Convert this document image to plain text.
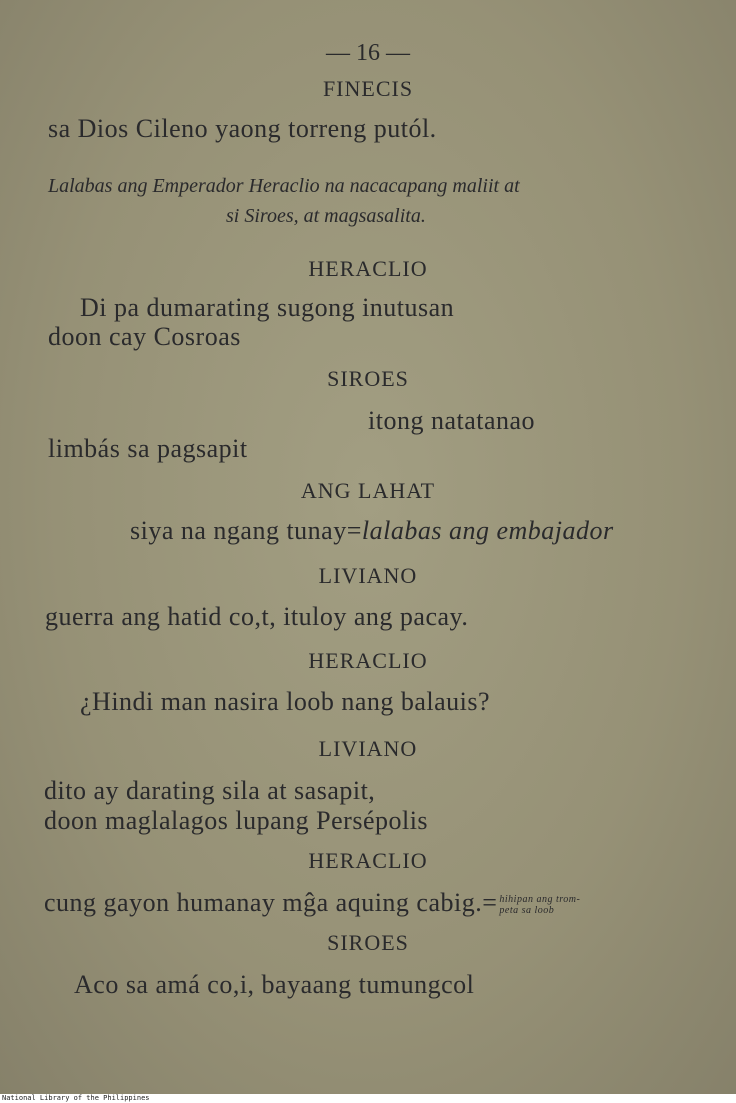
— 16 —
FINECIS
sa Dios Cileno yaong torreng putól.
Lalabas ang Emperador Heraclio na nacacapang maliit at
si Siroes, at magsasalita.
HERACLIO
Di pa dumarating sugong inutusan
doon cay Cosroas
SIROES
itong natatanao
limbás sa pagsapit
ANG LAHAT
siya na ngang tunay=lalabas ang embajador
LIVIANO
guerra ang hatid co,t, ituloy ang pacay.
HERACLIO
¿Hindi man nasira loob nang balauis?
LIVIANO
dito ay darating sila at sasapit,
doon maglalagos lupang Persépolis
HERACLIO
cung gayon humanay mĝa aquing cabig.= hihipan ang trom-
peta sa loob
SIROES
Aco sa amá co,i, bayaang tumungcol
National Library of the Philippines
